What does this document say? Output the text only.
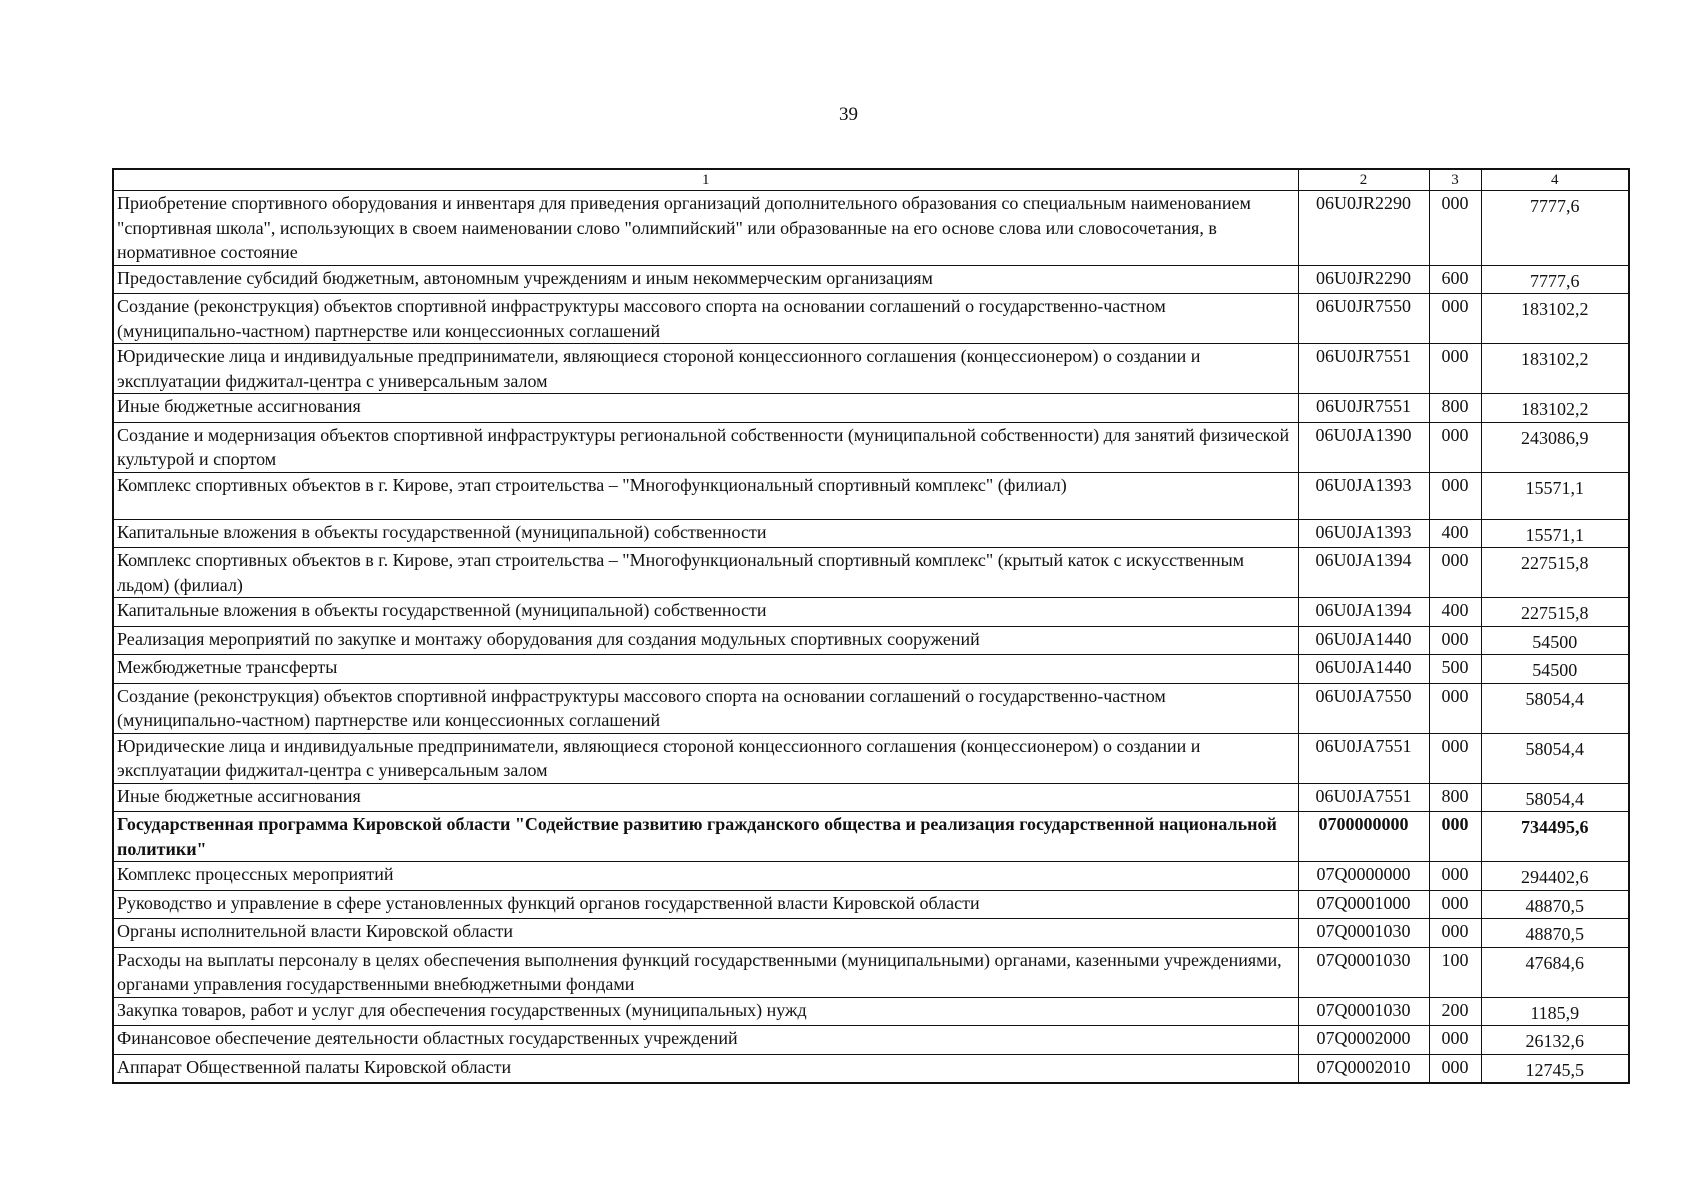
39
1	2	3	4
Приобретение спортивного оборудования и инвентаря для приведения организаций дополнительного образования со специальным наименованием "спортивная школа", использующих в своем наименовании слово "олимпийский" или образованные на его основе слова или словосочетания, в нормативное состояние	06U0JR2290	000	7777,6
Предоставление субсидий бюджетным, автономным учреждениям и иным некоммерческим организациям	06U0JR2290	600	7777,6
Создание (реконструкция) объектов спортивной инфраструктуры массового спорта на основании соглашений о государственно-частном (муниципально-частном) партнерстве или концессионных соглашений	06U0JR7550	000	183102,2
Юридические лица и индивидуальные предприниматели, являющиеся стороной концессионного соглашения (концессионером) о создании и эксплуатации фиджитал-центра с универсальным залом	06U0JR7551	000	183102,2
Иные бюджетные ассигнования	06U0JR7551	800	183102,2
Создание и модернизация объектов спортивной инфраструктуры региональной собственности (муниципальной собственности) для занятий физической культурой и спортом	06U0JA1390	000	243086,9
Комплекс спортивных объектов в г. Кирове, этап строительства – "Многофункциональный спортивный комплекс" (филиал)	06U0JA1393	000	15571,1
Капитальные вложения в объекты государственной (муниципальной) собственности	06U0JA1393	400	15571,1
Комплекс спортивных объектов в г. Кирове, этап строительства – "Многофункциональный спортивный комплекс" (крытый каток с искусственным льдом) (филиал)	06U0JA1394	000	227515,8
Капитальные вложения в объекты государственной (муниципальной) собственности	06U0JA1394	400	227515,8
Реализация мероприятий по закупке и монтажу оборудования для создания модульных спортивных сооружений	06U0JA1440	000	54500
Межбюджетные трансферты	06U0JA1440	500	54500
Создание (реконструкция) объектов спортивной инфраструктуры массового спорта на основании соглашений о государственно-частном (муниципально-частном) партнерстве или концессионных соглашений	06U0JA7550	000	58054,4
Юридические лица и индивидуальные предприниматели, являющиеся стороной концессионного соглашения (концессионером) о создании и эксплуатации фиджитал-центра с универсальным залом	06U0JA7551	000	58054,4
Иные бюджетные ассигнования	06U0JA7551	800	58054,4
Государственная программа Кировской области "Содействие развитию гражданского общества и реализация государственной национальной политики"	0700000000	000	734495,6
Комплекс процессных мероприятий	07Q0000000	000	294402,6
Руководство и управление в сфере установленных функций органов государственной власти Кировской области	07Q0001000	000	48870,5
Органы исполнительной власти Кировской области	07Q0001030	000	48870,5
Расходы на выплаты персоналу в целях обеспечения выполнения функций государственными (муниципальными) органами, казенными учреждениями, органами управления государственными внебюджетными фондами	07Q0001030	100	47684,6
Закупка товаров, работ и услуг для обеспечения государственных (муниципальных) нужд	07Q0001030	200	1185,9
Финансовое обеспечение деятельности областных государственных учреждений	07Q0002000	000	26132,6
Аппарат Общественной палаты Кировской области	07Q0002010	000	12745,5
